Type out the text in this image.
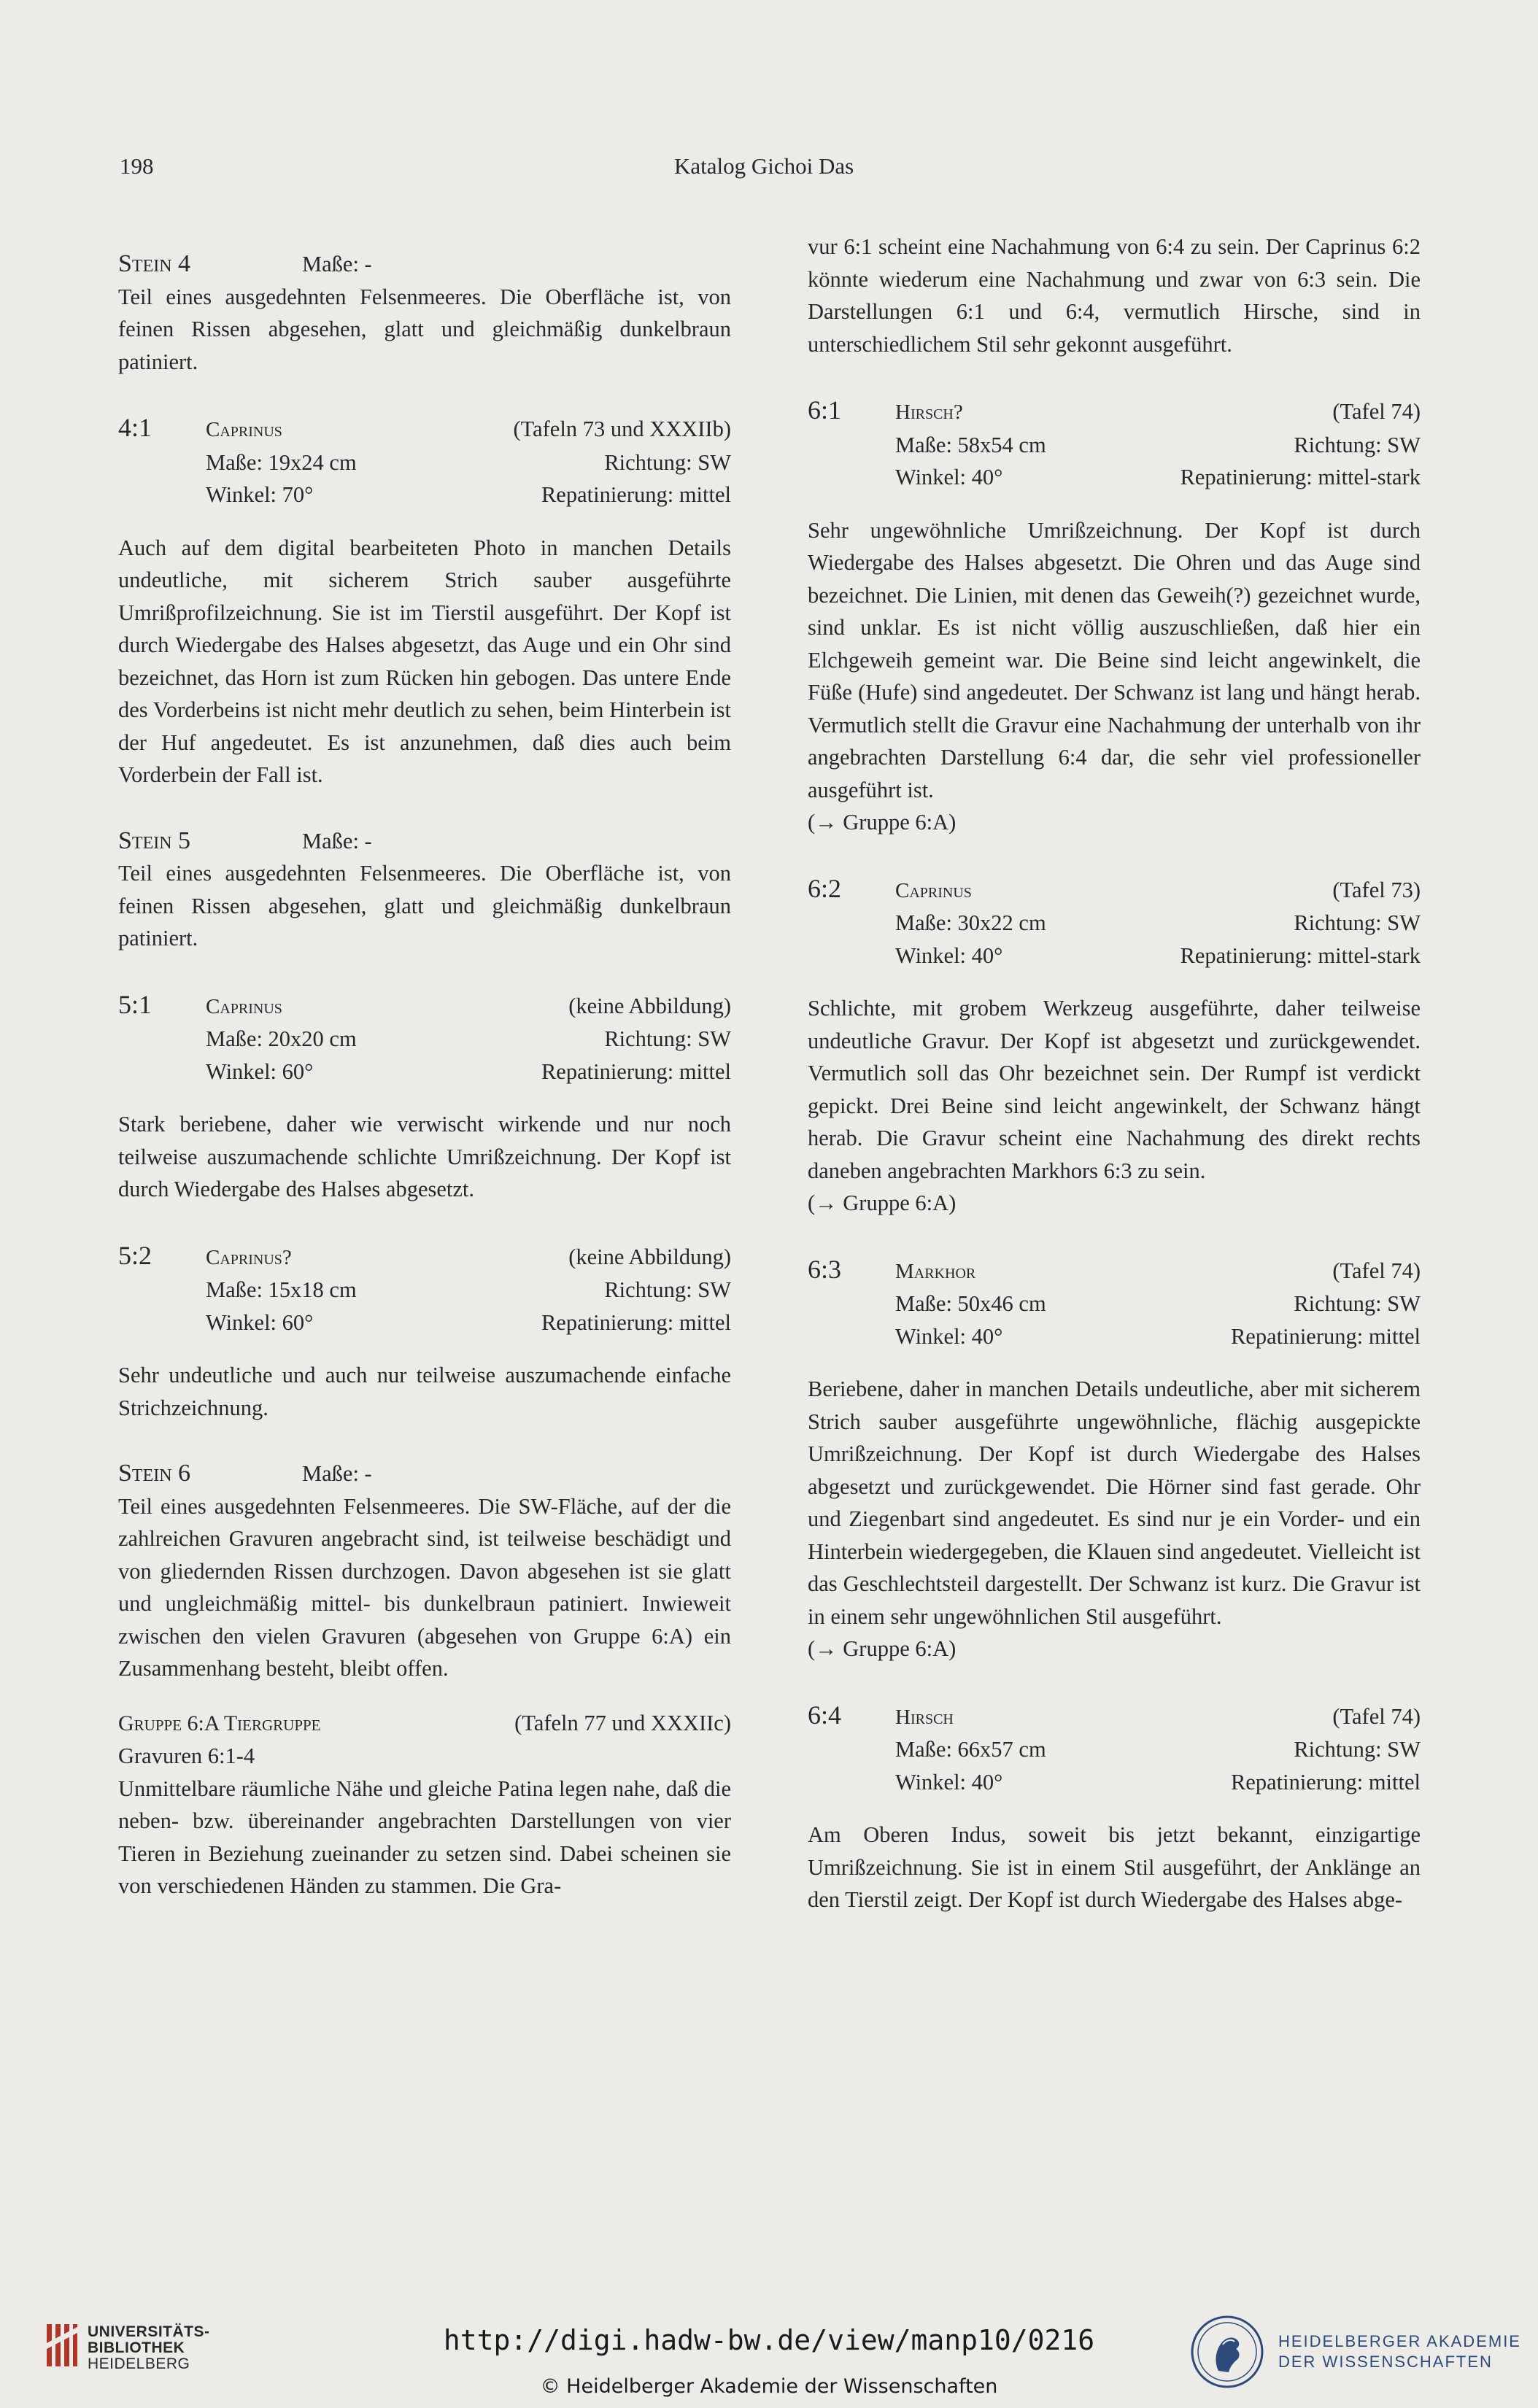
198	Katalog Gichoi Das
Stein 4	Maße: -

Teil eines ausgedehnten Felsenmeeres. Die Oberfläche ist, von feinen Rissen abgesehen, glatt und gleichmäßig dunkelbraun patiniert.

4:1	Caprinus	(Tafeln 73 und XXXIIb)
Maße: 19x24 cm	Richtung: SW
Winkel: 70°	Repatinierung: mittel

Auch auf dem digital bearbeiteten Photo in manchen Details undeutliche, mit sicherem Strich sauber ausgeführte Umrißprofilzeichnung. Sie ist im Tierstil ausgeführt. Der Kopf ist durch Wiedergabe des Halses abgesetzt, das Auge und ein Ohr sind bezeichnet, das Horn ist zum Rücken hin gebogen. Das untere Ende des Vorderbeins ist nicht mehr deutlich zu sehen, beim Hinterbein ist der Huf angedeutet. Es ist anzunehmen, daß dies auch beim Vorderbein der Fall ist.

Stein 5	Maße: -

Teil eines ausgedehnten Felsenmeeres. Die Oberfläche ist, von feinen Rissen abgesehen, glatt und gleichmäßig dunkelbraun patiniert.

5:1	Caprinus	(keine Abbildung)
Maße: 20x20 cm	Richtung: SW
Winkel: 60°	Repatinierung: mittel

Stark beriebene, daher wie verwischt wirkende und nur noch teilweise auszumachende schlichte Umrißzeichnung. Der Kopf ist durch Wiedergabe des Halses abgesetzt.

5:2	Caprinus?	(keine Abbildung)
Maße: 15x18 cm	Richtung: SW
Winkel: 60°	Repatinierung: mittel

Sehr undeutliche und auch nur teilweise auszumachende einfache Strichzeichnung.

Stein 6	Maße: -

Teil eines ausgedehnten Felsenmeeres. Die SW-Fläche, auf der die zahlreichen Gravuren angebracht sind, ist teilweise beschädigt und von gliedernden Rissen durchzogen. Davon abgesehen ist sie glatt und ungleichmäßig mittel- bis dunkelbraun patiniert. Inwieweit zwischen den vielen Gravuren (abgesehen von Gruppe 6:A) ein Zusammenhang besteht, bleibt offen.

Gruppe 6:A Tiergruppe	(Tafeln 77 und XXXIIc)
Gravuren 6:1-4

Unmittelbare räumliche Nähe und gleiche Patina legen nahe, daß die neben- bzw. übereinander angebrachten Darstellungen von vier Tieren in Beziehung zueinander zu setzen sind. Dabei scheinen sie von verschiedenen Händen zu stammen. Die Gra-

vur 6:1 scheint eine Nachahmung von 6:4 zu sein. Der Caprinus 6:2 könnte wiederum eine Nachahmung und zwar von 6:3 sein. Die Darstellungen 6:1 und 6:4, vermutlich Hirsche, sind in unterschiedlichem Stil sehr gekonnt ausgeführt.

6:1	Hirsch?	(Tafel 74)
Maße: 58x54 cm	Richtung: SW
Winkel: 40°	Repatinierung: mittel-stark

Sehr ungewöhnliche Umrißzeichnung. Der Kopf ist durch Wiedergabe des Halses abgesetzt. Die Ohren und das Auge sind bezeichnet. Die Linien, mit denen das Geweih(?) gezeichnet wurde, sind unklar. Es ist nicht völlig auszuschließen, daß hier ein Elchgeweih gemeint war. Die Beine sind leicht angewinkelt, die Füße (Hufe) sind angedeutet. Der Schwanz ist lang und hängt herab. Vermutlich stellt die Gravur eine Nachahmung der unterhalb von ihr angebrachten Darstellung 6:4 dar, die sehr viel professioneller ausgeführt ist.

(→ Gruppe 6:A)

6:2	Caprinus	(Tafel 73)
Maße: 30x22 cm	Richtung: SW
Winkel: 40°	Repatinierung: mittel-stark

Schlichte, mit grobem Werkzeug ausgeführte, daher teilweise undeutliche Gravur. Der Kopf ist abgesetzt und zurückgewendet. Vermutlich soll das Ohr bezeichnet sein. Der Rumpf ist verdickt gepickt. Drei Beine sind leicht angewinkelt, der Schwanz hängt herab. Die Gravur scheint eine Nachahmung des direkt rechts daneben angebrachten Markhors 6:3 zu sein.

(→ Gruppe 6:A)

6:3	Markhor	(Tafel 74)
Maße: 50x46 cm	Richtung: SW
Winkel: 40°	Repatinierung: mittel

Beriebene, daher in manchen Details undeutliche, aber mit sicherem Strich sauber ausgeführte ungewöhnliche, flächig ausgepickte Umrißzeichnung. Der Kopf ist durch Wiedergabe des Halses abgesetzt und zurückgewendet. Die Hörner sind fast gerade. Ohr und Ziegenbart sind angedeutet. Es sind nur je ein Vorder- und ein Hinterbein wiedergegeben, die Klauen sind angedeutet. Vielleicht ist das Geschlechtsteil dargestellt. Der Schwanz ist kurz. Die Gravur ist in einem sehr ungewöhnlichen Stil ausgeführt.

(→ Gruppe 6:A)

6:4	Hirsch	(Tafel 74)
Maße: 66x57 cm	Richtung: SW
Winkel: 40°	Repatinierung: mittel

Am Oberen Indus, soweit bis jetzt bekannt, einzigartige Umrißzeichnung. Sie ist in einem Stil ausgeführt, der Anklänge an den Tierstil zeigt. Der Kopf ist durch Wiedergabe des Halses abge-

UNIVERSITÄTS-
BIBLIOTHEK
HEIDELBERG
http://digi.hadw-bw.de/view/manp10/0216
© Heidelberger Akademie der Wissenschaften
HEIDELBERGER AKADEMIE
DER WISSENSCHAFTEN
